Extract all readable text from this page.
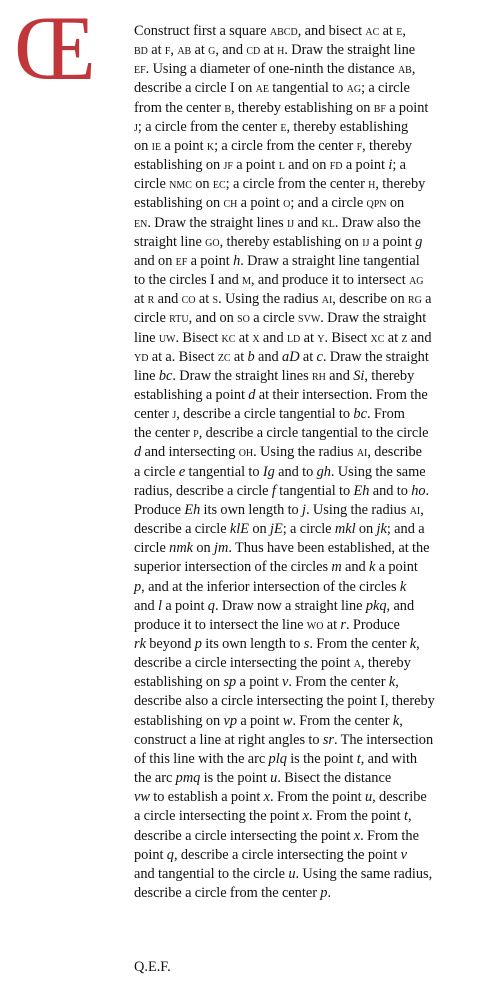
Œ	Construct first a square abcd, and bisect ac at e,
bd at f, ab at g, and cd at h. Draw the straight line
ef. Using a diameter of one-ninth the distance ab,
describe a circle I on ae tangential to ag; a circle
from the center b, thereby establishing on bf a point
j; a circle from the center e, thereby establishing
on ie a point k; a circle from the center f, thereby
establishing on jf a point l and on fd a point i; a
circle nmc on ec; a circle from the center h, thereby
establishing on ch a point o; and a circle qpn on
en. Draw the straight lines ij and kl. Draw also the
straight line go, thereby establishing on ij a point g
and on ef a point h. Draw a straight line tangential
to the circles I and m, and produce it to intersect ag
at r and co at s. Using the radius ai, describe on rg a
circle rtu, and on so a circle svw. Draw the straight
line uw. Bisect kc at x and ld at y. Bisect xc at z and
yd at a. Bisect zc at b and aD at c. Draw the straight
line bc. Draw the straight lines rh and Si, thereby
establishing a point d at their intersection. From the
center j, describe a circle tangential to bc. From
the center p, describe a circle tangential to the circle
d and intersecting oh. Using the radius ai, describe
a circle e tangential to Ig and to gh. Using the same
radius, describe a circle f tangential to Eh and to ho.
Produce Eh its own length to j. Using the radius ai,
describe a circle klE on jE; a circle mkl on jk; and a
circle nmk on jm. Thus have been established, at the
superior intersection of the circles m and k a point
p, and at the inferior intersection of the circles k
and l a point q. Draw now a straight line pkq, and
produce it to intersect the line wo at r. Produce
rk beyond p its own length to s. From the center k,
describe a circle intersecting the point a, thereby
establishing on sp a point v. From the center k,
describe also a circle intersecting the point I, thereby
establishing on vp a point w. From the center k,
construct a line at right angles to sr. The intersection
of this line with the arc plq is the point t, and with
the arc pmq is the point u. Bisect the distance
vw to establish a point x. From the point u, describe
a circle intersecting the point x. From the point t,
describe a circle intersecting the point x. From the
point q, describe a circle intersecting the point v
and tangential to the circle u. Using the same radius,
describe a circle from the center p.
Q.E.F.
